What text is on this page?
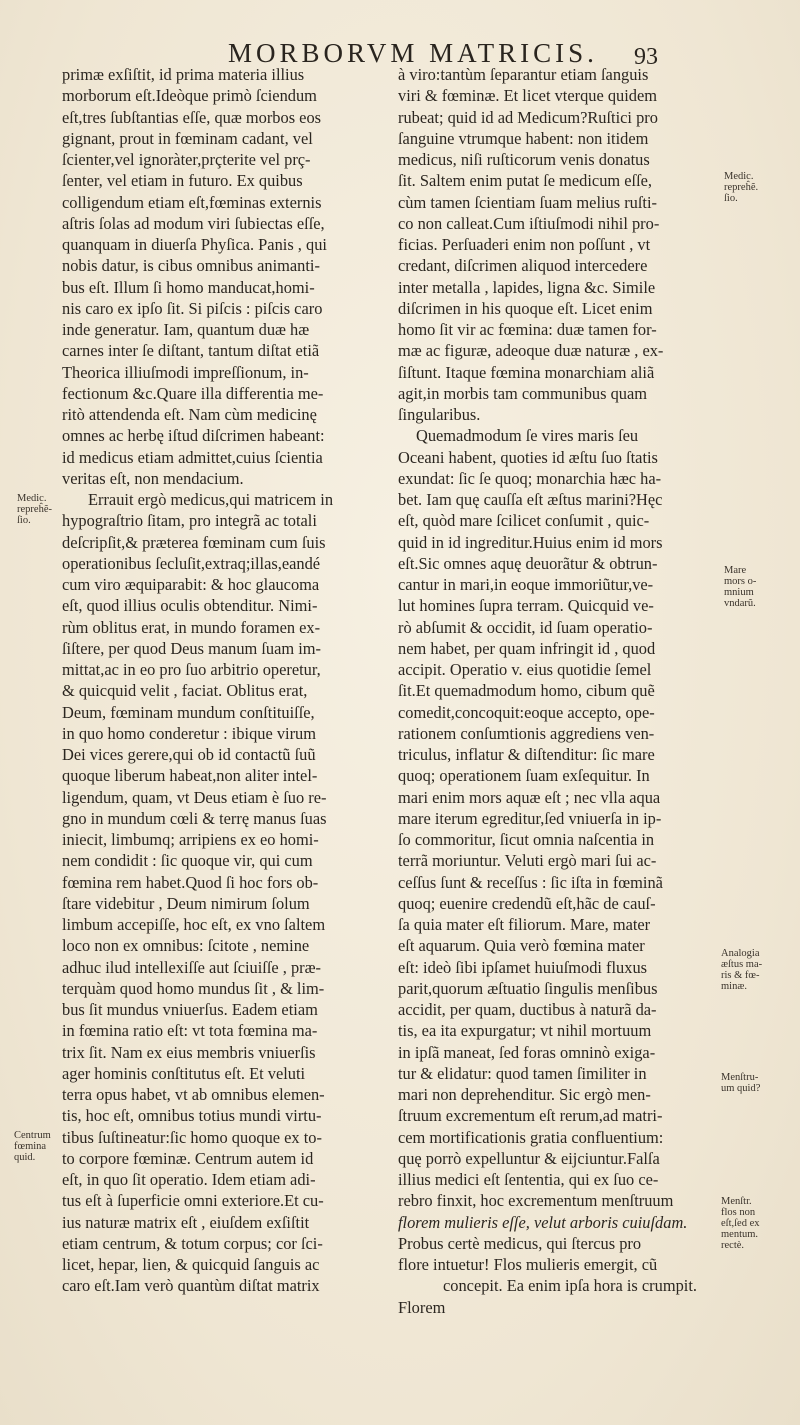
MORBORVM MATRICIS. 93
primæ exſiſtit, id prima materia illius
morborum eſt.Ideòque primò ſciendum
eſt,tres ſubſtantias eſſe, quæ morbos eos
gignant, prout in fœminam cadant, vel
ſcienter,vel ignoràter,prçterite vel prç-
ſenter, vel etiam in futuro. Ex quibus
colligendum etiam eſt,fœminas externis
aſtris ſolas ad modum viri ſubiectas eſſe,
quanquam in diuerſa Phyſica. Panis , qui
nobis datur, is cibus omnibus animanti-
bus eſt. Illum ſi homo manducat,homi-
nis caro ex ipſo ſit. Si piſcis : piſcis caro
inde generatur. Iam, quantum duæ hæ
carnes inter ſe diſtant, tantum diſtat etiã
Theorica illiuſmodi impreſſionum, in-
fectionum &c.Quare illa differentia me-
ritò attendenda eſt. Nam cùm medicinę
omnes ac herbę iſtud diſcrimen habeant:
id medicus etiam admittet,cuius ſcientia
veritas eſt, non mendacium.
Errauit ergò medicus,qui matricem in
hypograſtrio ſitam, pro integrã ac totali
deſcripſit,& præterea fœminam cum ſuis
operationibus ſecluſit,extraq;illas,eandé
cum viro æquiparabit: & hoc glaucoma
eſt, quod illius oculis obtenditur. Nimi-
rùm oblitus erat, in mundo foramen ex-
ſiſtere, per quod Deus manum ſuam im-
mittat,ac in eo pro ſuo arbitrio operetur,
& quicquid velit , faciat. Oblitus erat,
Deum, fœminam mundum conſtituiſſe,
in quo homo conderetur : ibique virum
Dei vices gerere,qui ob id contactũ ſuũ
quoque liberum habeat,non aliter intel-
ligendum, quam, vt Deus etiam è ſuo re-
gno in mundum cœli & terrę manus ſuas
iniecit, limbumq; arripiens ex eo homi-
nem condidit : ſic quoque vir, qui cum
fœmina rem habet.Quod ſi hoc fors ob-
ſtare videbitur , Deum nimirum ſolum
limbum accepiſſe, hoc eſt, ex vno ſaltem
loco non ex omnibus: ſcitote , nemine
adhuc ilud intellexiſſe aut ſciuiſſe , præ-
terquàm quod homo mundus ſit , & lim-
bus ſit mundus vniuerſus. Eadem etiam
in fœmina ratio eſt: vt tota fœmina ma-
trix ſit. Nam ex eius membris vniuerſis
ager hominis conſtitutus eſt. Et veluti
terra opus habet, vt ab omnibus elemen-
tis, hoc eſt, omnibus totius mundi virtu-
tibus ſuſtineatur:ſic homo quoque ex to-
to corpore fœminæ. Centrum autem id
eſt, in quo ſit operatio. Idem etiam adi-
tus eſt à ſuperficie omni exteriore.Et cu-
ius naturæ matrix eſt , eiuſdem exſiſtit
etiam centrum, & totum corpus; cor ſci-
licet, hepar, lien, & quicquid ſanguis ac
caro eſt.Iam verò quantùm diſtat matrix
à viro:tantùm ſeparantur etiam ſanguis
viri & fœminæ. Et licet vterque quidem
rubeat; quid id ad Medicum?Ruſtici pro
ſanguine vtrumque habent: non itidem
medicus, niſi ruſticorum venis donatus
ſit. Saltem enim putat ſe medicum eſſe,
cùm tamen ſcientiam ſuam melius ruſti-
co non calleat.Cum iſtiuſmodi nihil pro-
ficias. Perſuaderi enim non poſſunt , vt
credant, diſcrimen aliquod intercedere
inter metalla , lapides, ligna &c. Simile
diſcrimen in his quoque eſt. Licet enim
homo ſit vir ac fœmina: duæ tamen for-
mæ ac figuræ, adeoque duæ naturæ , ex-
ſiſtunt. Itaque fœmina monarchiam aliã
agit,in morbis tam communibus quam
ſingularibus.
Quemadmodum ſe vires maris ſeu
Oceani habent, quoties id æſtu ſuo ſtatis
exundat: ſic ſe quoq; monarchia hæc ha-
bet. Iam quę cauſſa eſt æſtus marini?Hęc
eſt, quòd mare ſcilicet conſumit , quic-
quid in id ingreditur.Huius enim id mors
eſt.Sic omnes aquę deuorãtur & obtrun-
cantur in mari,in eoque immoriũtur,ve-
lut homines ſupra terram. Quicquid ve-
rò abſumit & occidit, id ſuam operatio-
nem habet, per quam infringit id , quod
accipit. Operatio v. eius quotidie ſemel
ſit.Et quemadmodum homo, cibum quẽ
comedit,concoquit:eoque accepto, ope-
rationem conſumtionis aggrediens ven-
triculus, inflatur & diſtenditur: ſic mare
quoq; operationem ſuam exſequitur. In
mari enim mors aquæ eſt ; nec vlla aqua
mare iterum egreditur,ſed vniuerſa in ip-
ſo commoritur, ſicut omnia naſcentia in
terrã moriuntur. Veluti ergò mari ſui ac-
ceſſus ſunt & receſſus : ſic iſta in fœminã
quoq; euenire credendũ eſt,hãc de cauſ-
ſa quia mater eſt filiorum. Mare, mater
eſt aquarum. Quia verò fœmina mater
eſt: ideò ſibi ipſamet huiuſmodi fluxus
parit,quorum æſtuatio ſingulis menſibus
accidit, per quam, ductibus à naturã da-
tis, ea ita expurgatur; vt nihil mortuum
in ipſã maneat, ſed foras omninò exiga-
tur & elidatur: quod tamen ſimiliter in
mari non deprehenditur. Sic ergò men-
ſtruum excrementum eſt rerum,ad matri-
cem mortificationis gratia confluentium:
quę porrò expelluntur & eijciuntur.Falſa
illius medici eſt ſententia, qui ex ſuo ce-
rebro finxit, hoc excrementum menſtruum
florem mulieris eſſe, velut arboris cuiuſdam.
Probus certè medicus, qui ſtercus pro
flore intuetur! Flos mulieris emergit, cũ
concepit. Ea enim ipſa hora is crumpit.
Florem
Medic.
repreĥẽ-
ſio.
Centrum
fœmina
quid.
Medic.
repreĥẽ.
ſio.
Mare
mors o-
mnium
vndarũ.
Analogia
æſtus ma-
ris & fœ-
minæ.
Menſtru-
um quid?
Menſtr.
flos non
eſt,ſed ex
mentum.
rectè.
